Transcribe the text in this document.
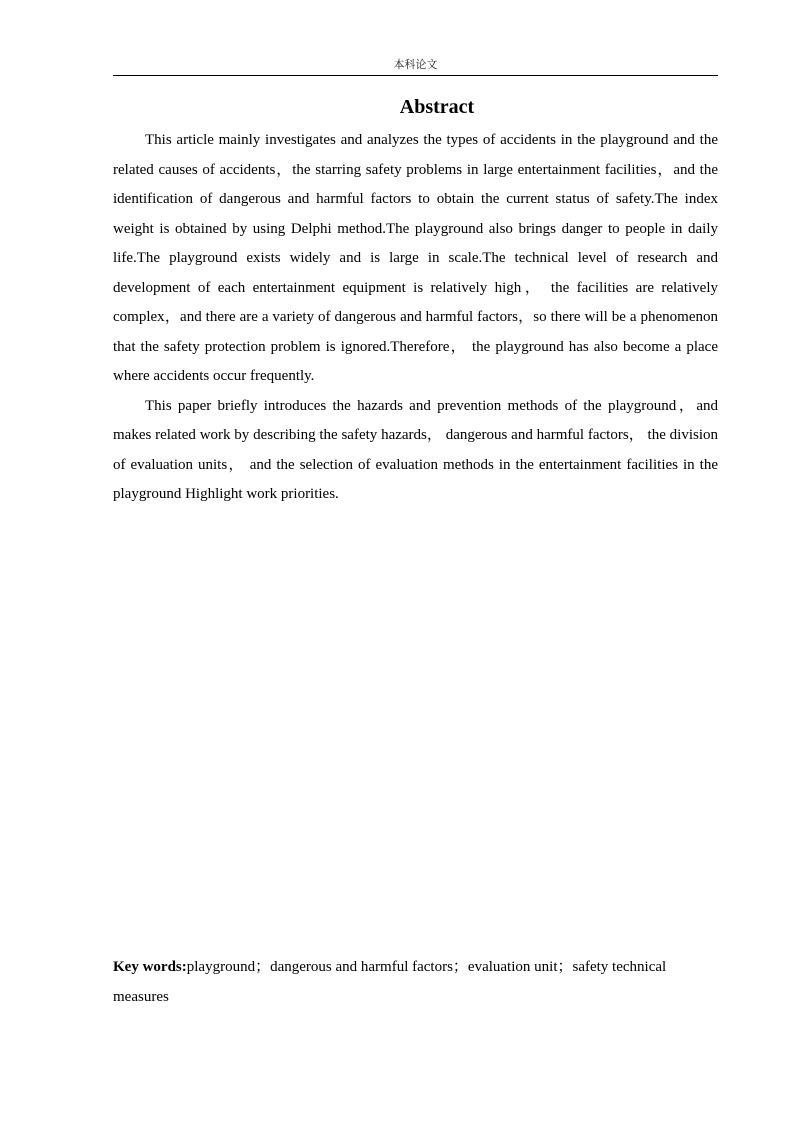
本科论文
Abstract

This article mainly investigates and analyzes the types of accidents in the playground and the related causes of accidents，the starring safety problems in large entertainment facilities，and the identification of dangerous and harmful factors to obtain the current status of safety.The index weight is obtained by using Delphi method.The playground also brings danger to people in daily life.The playground exists widely and is large in scale.The technical level of research and development of each entertainment equipment is relatively high， the facilities are relatively complex，and there are a variety of dangerous and harmful factors，so there will be a phenomenon that the safety protection problem is ignored.Therefore， the playground has also become a place where accidents occur frequently.

This paper briefly introduces the hazards and prevention methods of the playground，and makes related work by describing the safety hazards， dangerous and harmful factors， the division of evaluation units， and the selection of evaluation methods in the entertainment facilities in the playground Highlight work priorities.

Key words:playground；dangerous and harmful factors；evaluation unit；safety technical measures
